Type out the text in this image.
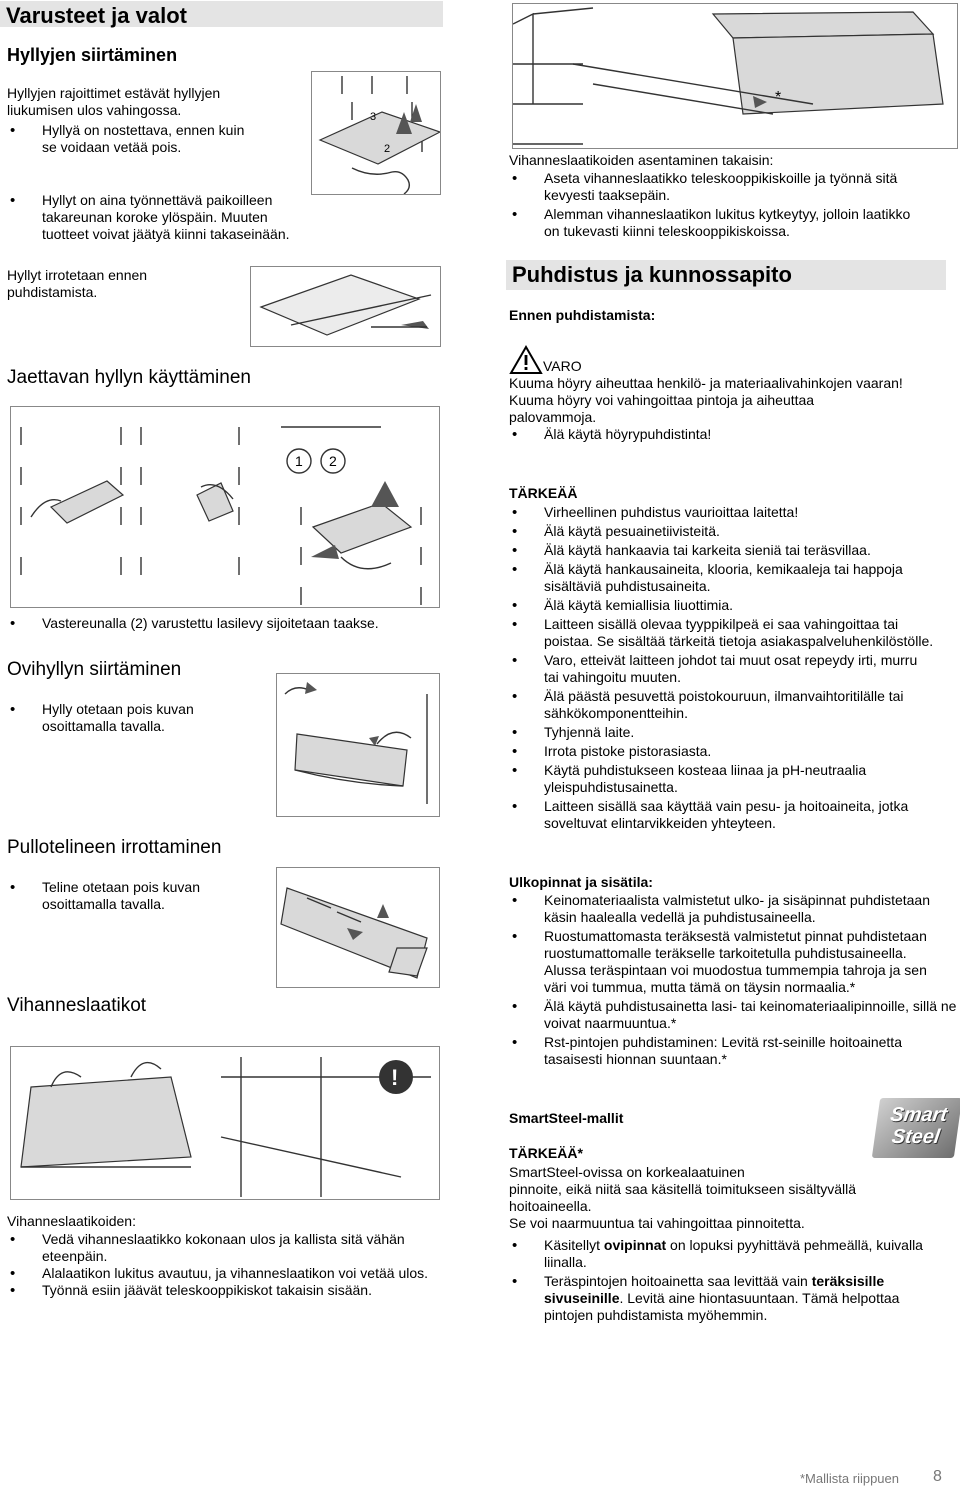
Varusteet ja valot
Hyllyjen siirtäminen
Hyllyjen rajoittimet estävät hyllyjen liukumisen ulos vahingossa.
• Hyllyä on nostettava, ennen kuin se voidaan vetää pois.
• Hyllyt on aina työnnettävä paikoilleen takareunan koroke ylöspäin. Muuten tuotteet voivat jäätyä kiinni takaseinään.
Hyllyt irrotetaan ennen puhdistamista.
3
2
Jaettavan hyllyn käyttäminen
1 2
• Vastereunalla (2) varustettu lasilevy sijoitetaan taakse.
Ovihyllyn siirtäminen
• Hylly otetaan pois kuvan osoittamalla tavalla.
Pullotelineen irrottaminen
• Teline otetaan pois kuvan osoittamalla tavalla.
Vihanneslaatikot
!
Vihanneslaatikoiden:
• Vedä vihanneslaatikko kokonaan ulos ja kallista sitä vähän eteenpäin.
• Alalaatikon lukitus avautuu, ja vihanneslaatikon voi vetää ulos.
• Työnnä esiin jäävät teleskooppikiskot takaisin sisään.
*
Vihanneslaatikoiden asentaminen takaisin:
• Aseta vihanneslaatikko teleskooppikiskoille ja työnnä sitä kevyesti taaksepäin.
• Alemman vihanneslaatikon lukitus kytkeytyy, jolloin laatikko on tukevasti kiinni teleskooppikiskoissa.
Puhdistus ja kunnossapito
Ennen puhdistamista:
VARO
Kuuma höyry aiheuttaa henkilö- ja materiaalivahinkojen vaaran!
Kuuma höyry voi vahingoittaa pintoja ja aiheuttaa palovammoja.
• Älä käytä höyrypuhdistinta!
TÄRKEÄÄ
• Virheellinen puhdistus vaurioittaa laitetta!
• Älä käytä pesuainetiivisteitä.
• Älä käytä hankaavia tai karkeita sieniä tai teräsvillaa.
• Älä käytä hankausaineita, klooria, kemikaaleja tai happoja sisältäviä puhdistusaineita.
• Älä käytä kemiallisia liuottimia.
• Laitteen sisällä olevaa tyyppikilpeä ei saa vahingoittaa tai poistaa. Se sisältää tärkeitä tietoja asiakaspalveluhenkilöstölle.
• Varo, etteivät laitteen johdot tai muut osat repeydy irti, murru tai vahingoitu muuten.
• Älä päästä pesuvettä poistokouruun, ilmanvaihtoritilälle tai sähkökomponentteihin.
• Tyhjennä laite.
• Irrota pistoke pistorasiasta.
• Käytä puhdistukseen kosteaa liinaa ja pH-neutraalia yleispuhdistusainetta.
• Laitteen sisällä saa käyttää vain pesu- ja hoitoaineita, jotka soveltuvat elintarvikkeiden yhteyteen.
Ulkopinnat ja sisätila:
• Keinomateriaalista valmistetut ulko- ja sisäpinnat puhdistetaan käsin haalealla vedellä ja puhdistusaineella.
• Ruostumattomasta teräksestä valmistetut pinnat puhdistetaan ruostumattomalle teräkselle tarkoitetulla puhdistusaineella. Alussa teräspintaan voi muodostua tummempia tahroja ja sen väri voi tummua, mutta tämä on täysin normaalia.*
• Älä käytä puhdistusainetta lasi- tai keinomateriaalipinnoille, sillä ne voivat naarmuuntua.*
• Rst-pintojen puhdistaminen: Levitä rst-seinille hoitoainetta tasaisesti hionnan suuntaan.*
SmartSteel-mallit	Smart
Steel
TÄRKEÄÄ*
SmartSteel-ovissa on korkealaatuinen
pinnoite, eikä niitä saa käsitellä toimitukseen sisältyvällä hoitoaineella.
Se voi naarmuuntua tai vahingoittaa pinnoitetta.
• Käsitellyt ovipinnat on lopuksi pyyhittävä pehmeällä, kuivalla liinalla.
• Teräspintojen hoitoainetta saa levittää vain teräksisille sivuseinille. Levitä aine hiontasuuntaan. Tämä helpottaa pintojen puhdistamista myöhemmin.
*Mallista riippuen 8
